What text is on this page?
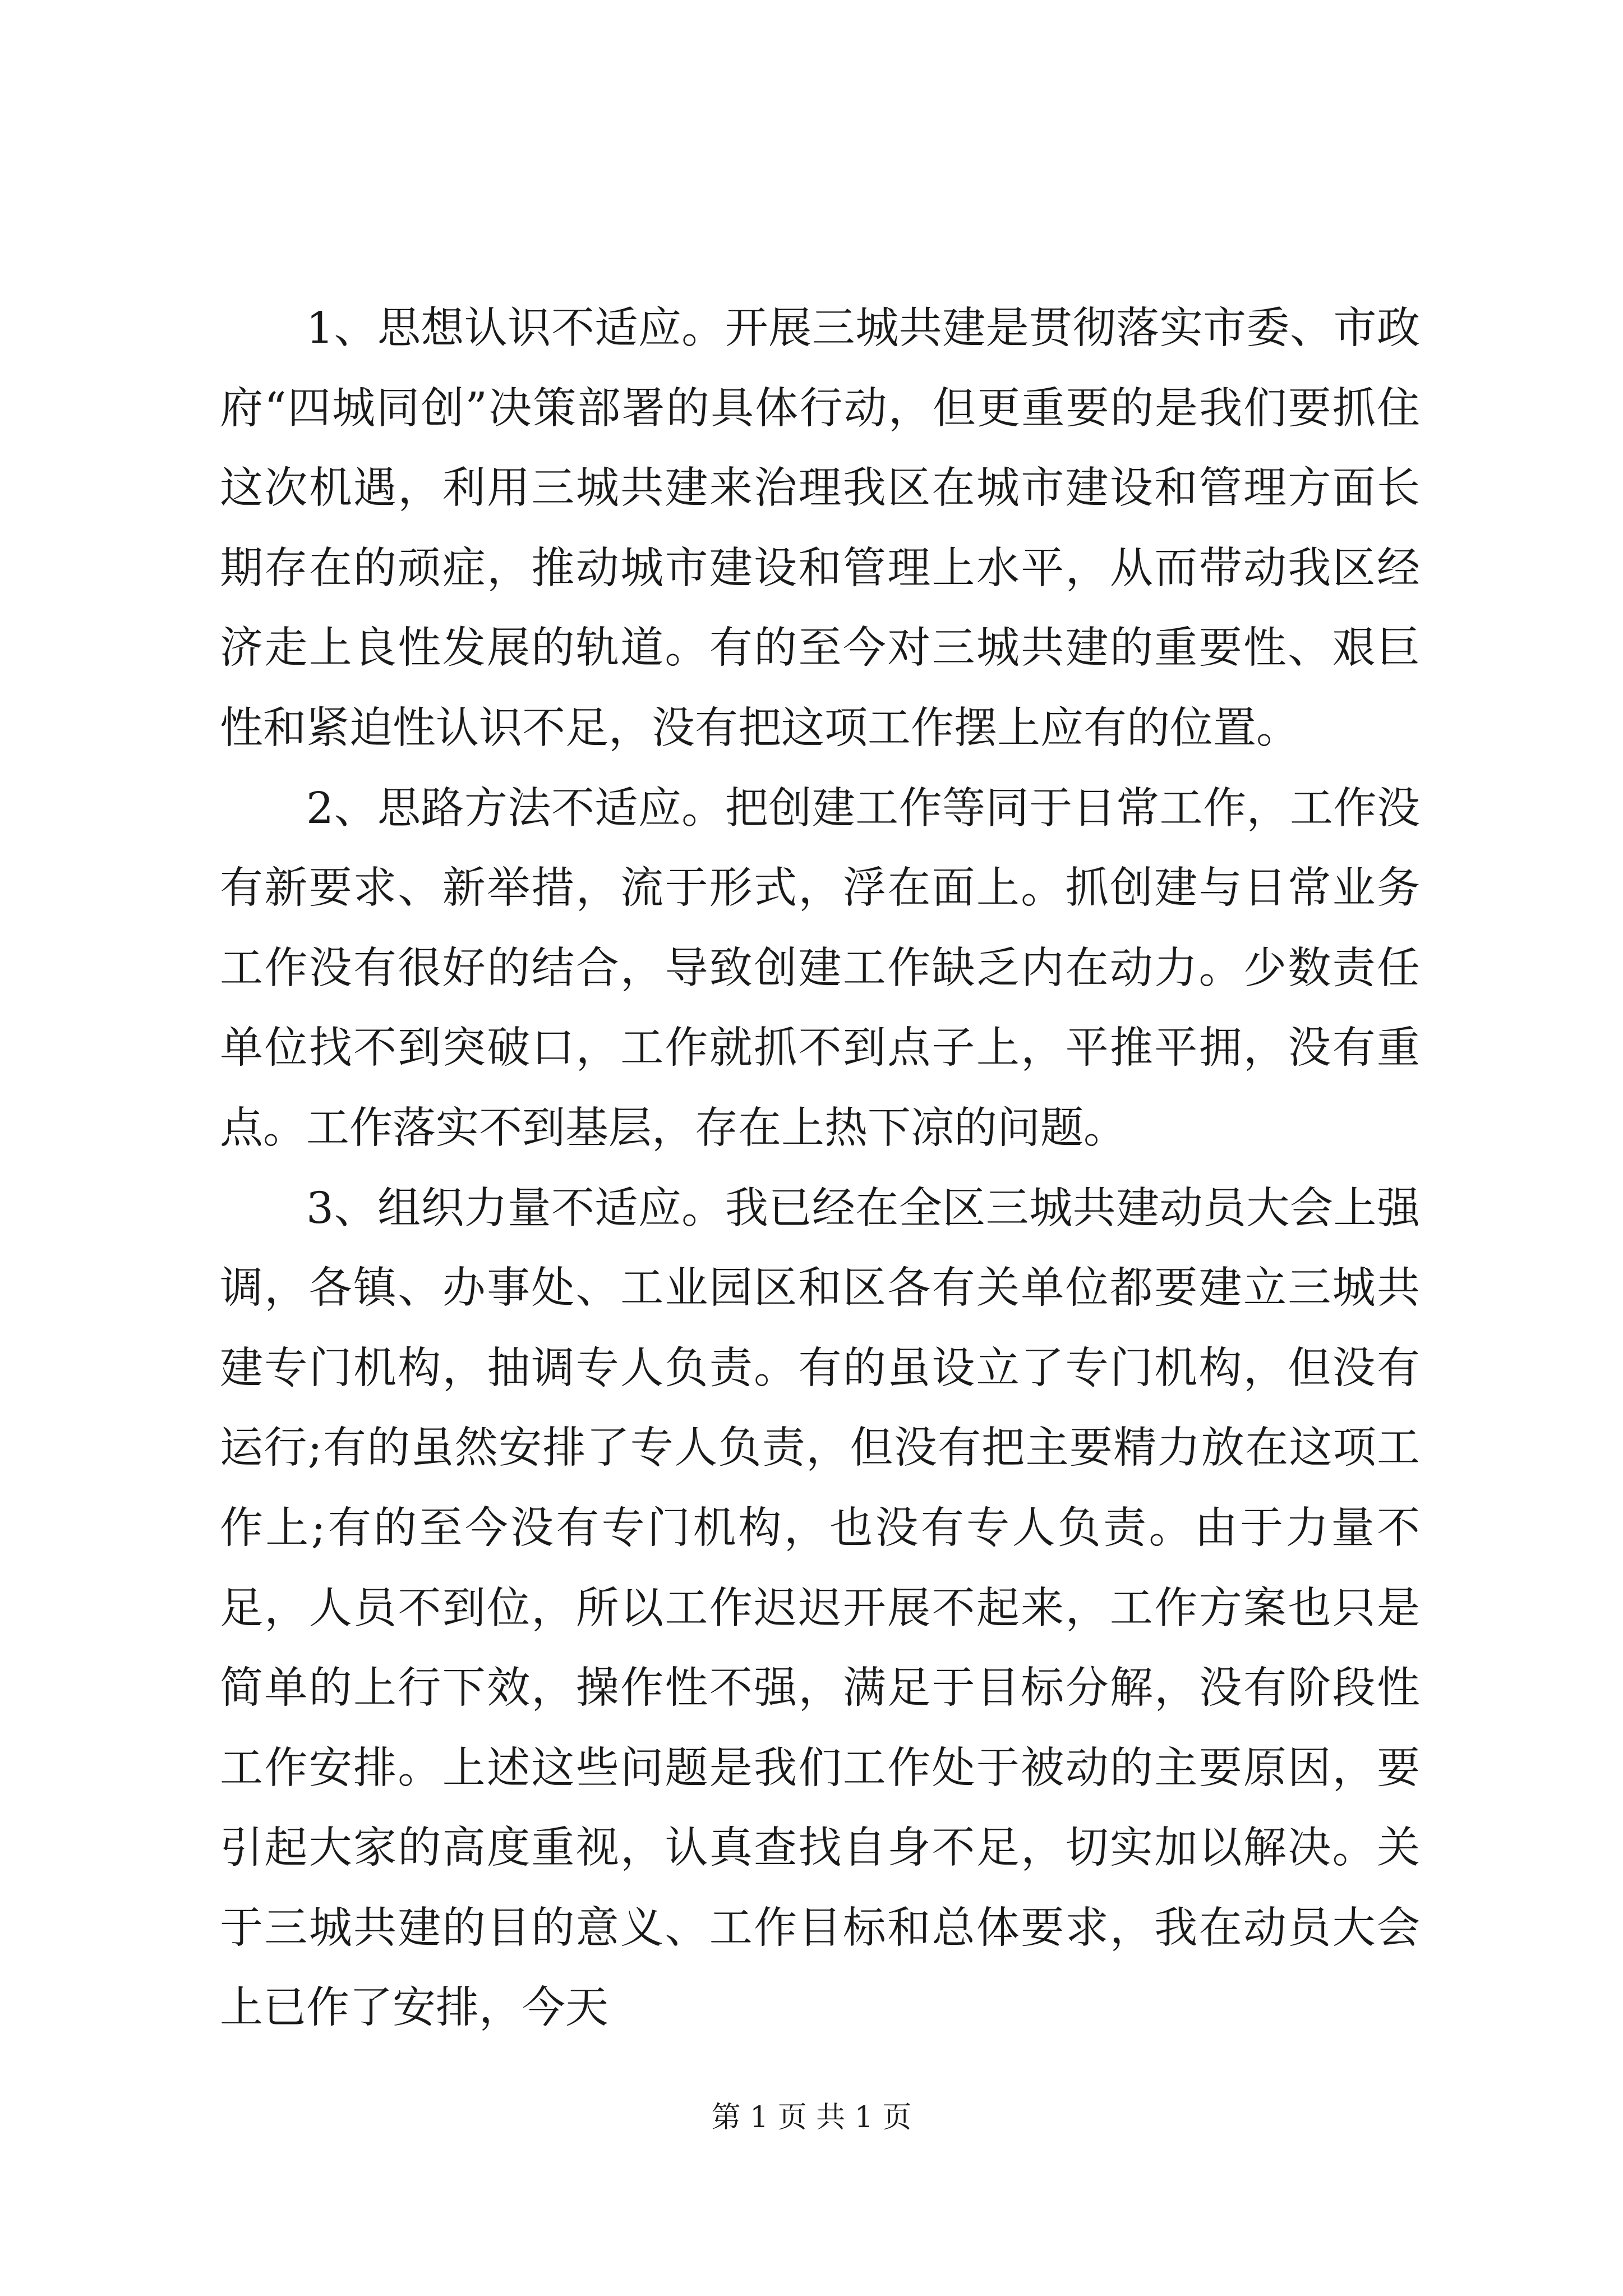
1、思想认识不适应。开展三城共建是贯彻落实市委、市政府“四城同创”决策部署的具体行动，但更重要的是我们要抓住这次机遇，利用三城共建来治理我区在城市建设和管理方面长期存在的顽症，推动城市建设和管理上水平，从而带动我区经济走上良性发展的轨道。有的至今对三城共建的重要性、艰巨性和紧迫性认识不足，没有把这项工作摆上应有的位置。

2、思路方法不适应。把创建工作等同于日常工作，工作没有新要求、新举措，流于形式，浮在面上。抓创建与日常业务工作没有很好的结合，导致创建工作缺乏内在动力。少数责任单位找不到突破口，工作就抓不到点子上，平推平拥，没有重点。工作落实不到基层，存在上热下凉的问题。

3、组织力量不适应。我已经在全区三城共建动员大会上强调，各镇、办事处、工业园区和区各有关单位都要建立三城共建专门机构，抽调专人负责。有的虽设立了专门机构，但没有运行;有的虽然安排了专人负责，但没有把主要精力放在这项工作上;有的至今没有专门机构，也没有专人负责。由于力量不足，人员不到位，所以工作迟迟开展不起来，工作方案也只是简单的上行下效，操作性不强，满足于目标分解，没有阶段性工作安排。上述这些问题是我们工作处于被动的主要原因，要引起大家的高度重视，认真查找自身不足，切实加以解决。关于三城共建的目的意义、工作目标和总体要求，我在动员大会上已作了安排，今天

第 1 页 共 1 页
